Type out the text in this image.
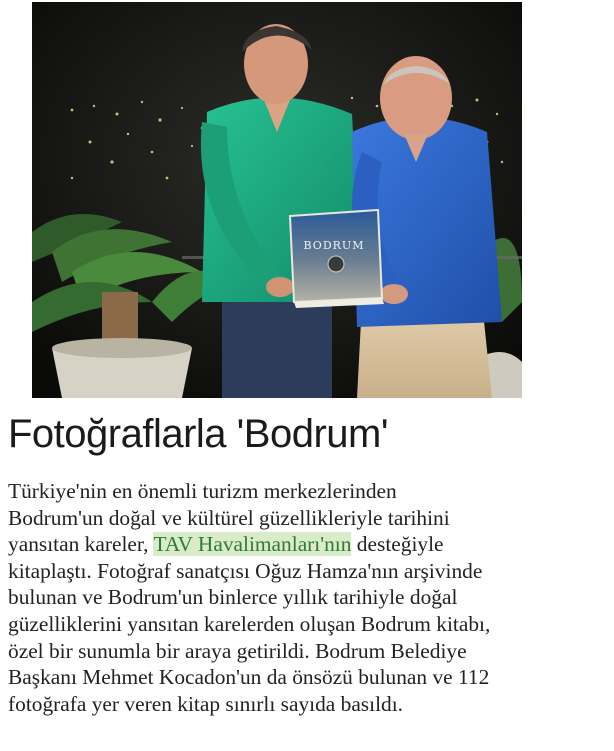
BODRUM
Fotoğraflarla 'Bodrum'
Türkiye'nin en önemli turizm merkezlerinden
Bodrum'un doğal ve kültürel güzellikleriyle tarihini
yansıtan kareler, TAV Havalimanları'nın desteğiyle
kitaplaştı. Fotoğraf sanatçısı Oğuz Hamza'nın arşivinde
bulunan ve Bodrum'un binlerce yıllık tarihiyle doğal
güzelliklerini yansıtan karelerden oluşan Bodrum kitabı,
özel bir sunumla bir araya getirildi. Bodrum Belediye
Başkanı Mehmet Kocadon'un da önsözü bulunan ve 112
fotoğrafa yer veren kitap sınırlı sayıda basıldı.
